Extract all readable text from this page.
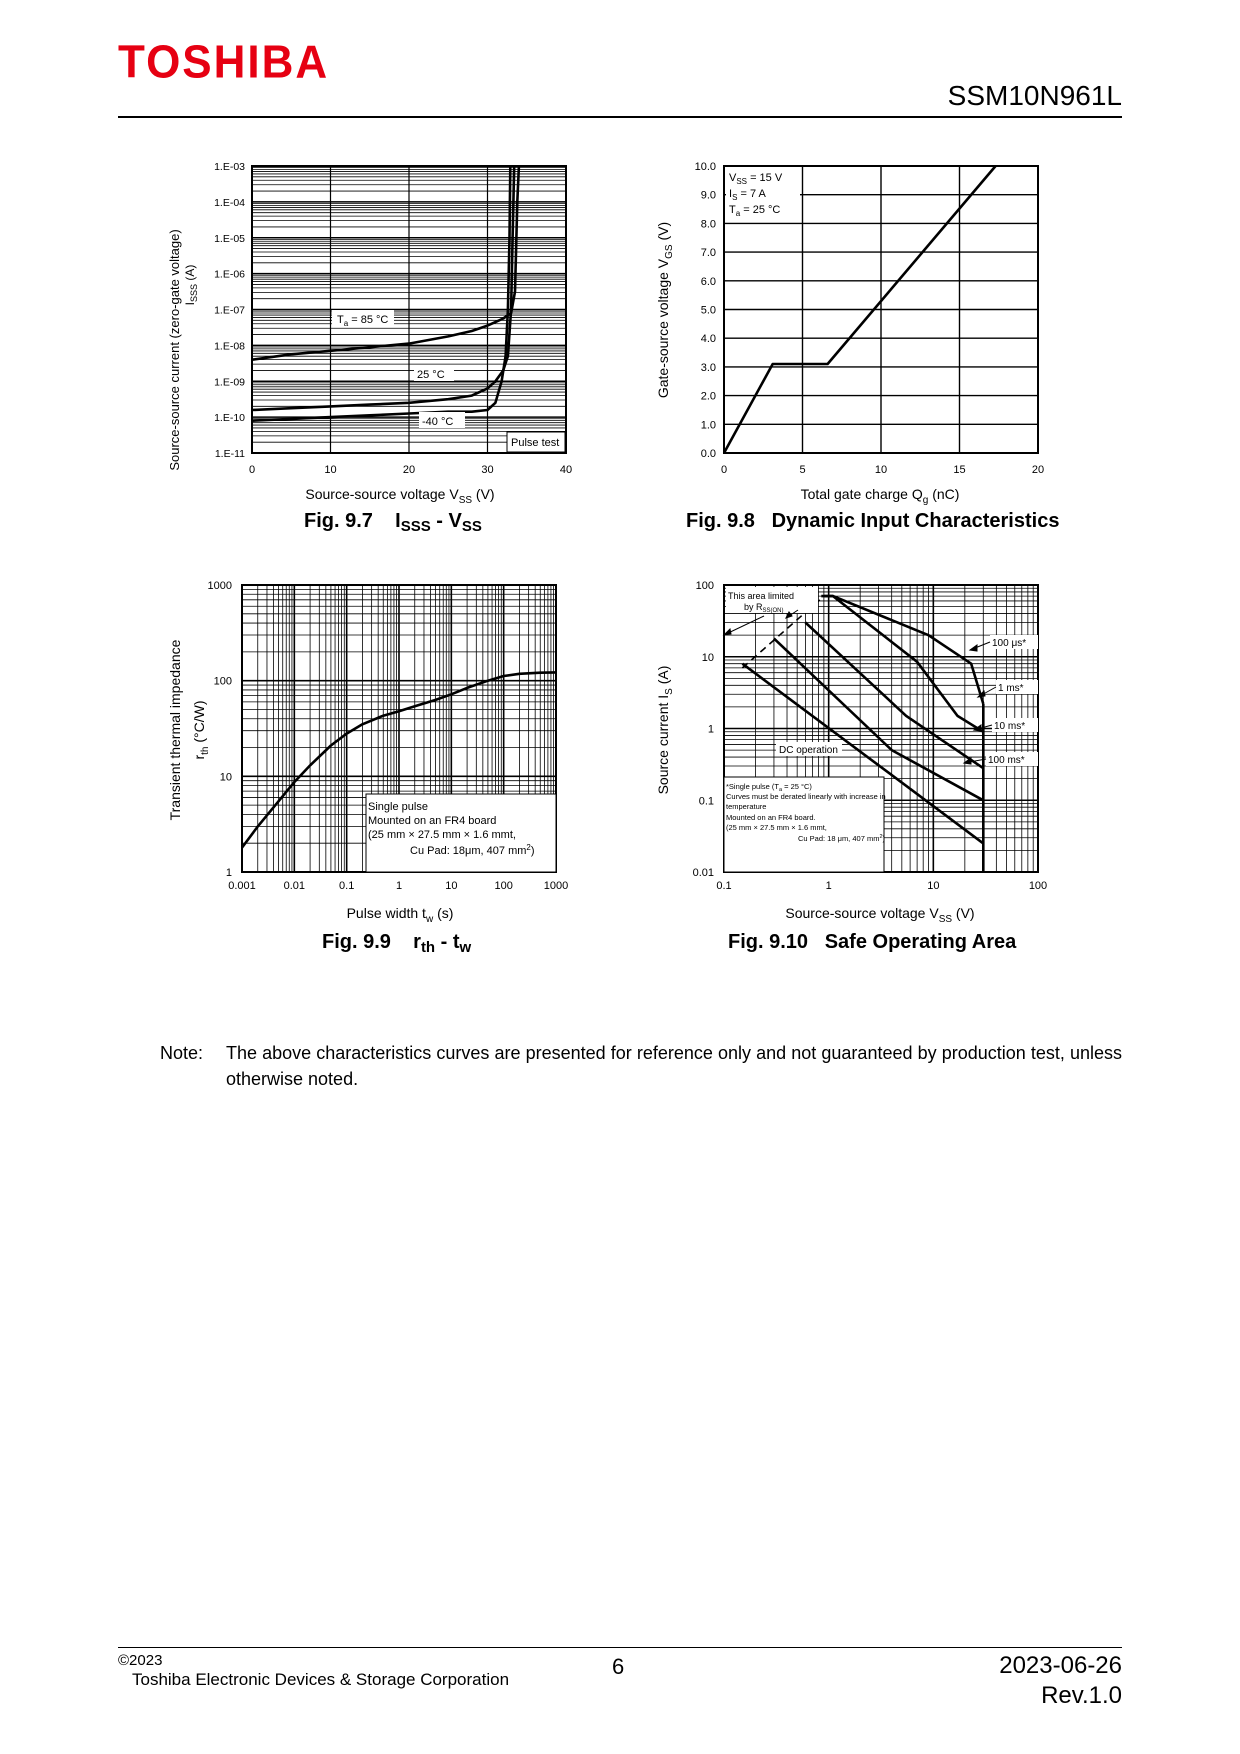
TOSHIBA
SSM10N961L
1.E-11
1.E-10
1.E-09
1.E-08
1.E-07
1.E-06
1.E-05
1.E-04
1.E-03
0	10	20	30	40
$T_a = 85$ °C
25 °C
-40 °C
Pulse test
Source-source current (zero-gate voltage) $I_{SSS}$ (A)
Source-source voltage $V_{SS}$ (V)
Fig. 9.7 $I_{SSS} - V_{SS}$
0.0
1.0
2.0
3.0
4.0
5.0
6.0
7.0
8.0
9.0
10.0
0	5	10	15	20
$V_{SS} = 15$ V
$I_S = 7$ A
$T_a = 25$ °C
Gate-source voltage $V_{GS}$ (V)
Total gate charge $Q_g$ (nC)
Fig. 9.8 Dynamic Input Characteristics
1
10
100
1000
0.001	0.01	0.1	1	10	100	1000
Single pulse
Mounted on an FR4 board
(25 mm × 27.5 mm × 1.6 mmt,
Cu Pad: 18μm, 407 $mm^2$)
Transient thermal impedance $r_{th}$ (°C/W)
Pulse width $t_w$ (s)
Fig. 9.9 $r_{th} - t_w$
0.01
0.1
1
10
100
0.1	1	10	100
This area limited
by $R_{SS(ON)}$
100 μs*
1 ms*
10 ms*
100 ms*
DC operation
*Single pulse ($T_a = 25$ °C)
Curves must be derated linearly with increase in
temperature
Mounted on an FR4 board.
(25 mm × 27.5 mm × 1.6 mmt,
Cu Pad: 18 μm, 407 $mm^2$)
Source current $I_S$ (A)
Source-source voltage $V_{SS}$ (V)
Fig. 9.10 Safe Operating Area
Note: The above characteristics curves are presented for reference only and not guaranteed by production test, unless otherwise noted.
©2023
Toshiba Electronic Devices & Storage Corporation
6	2023-06-26
Rev.1.0
